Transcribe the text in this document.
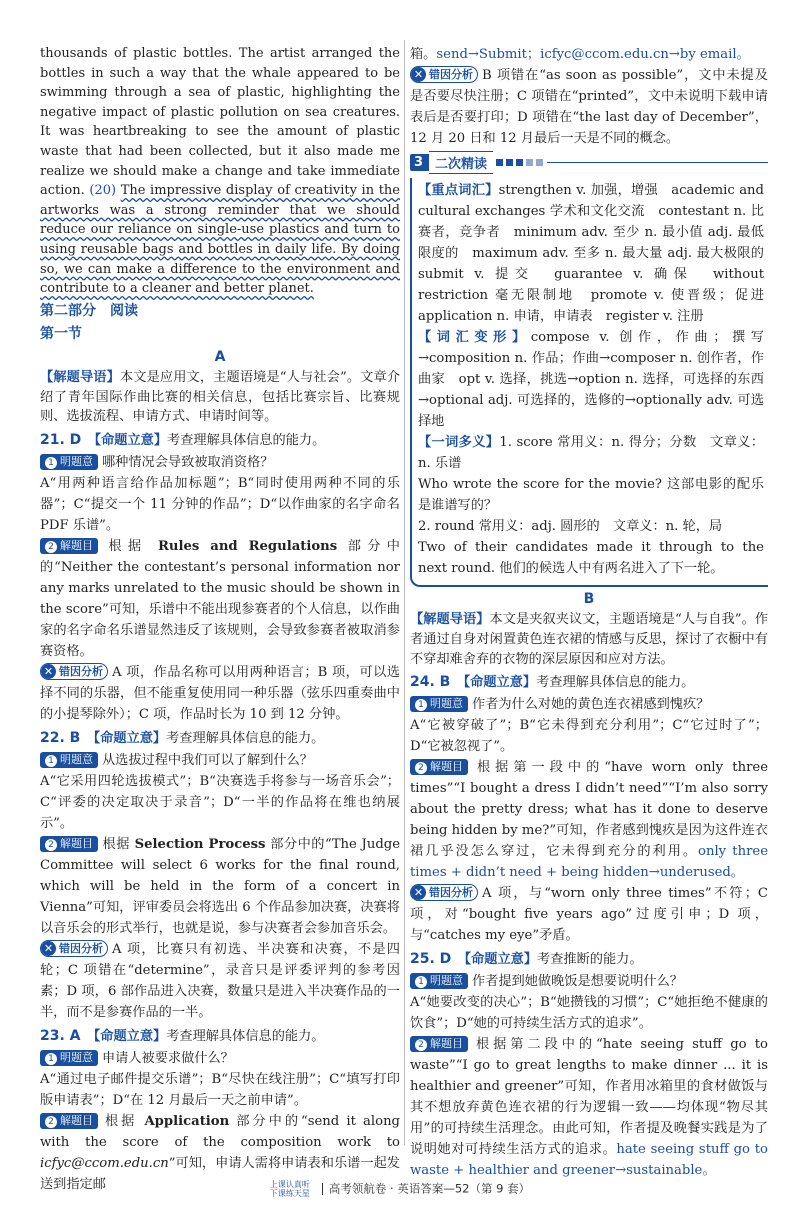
thousands of plastic bottles. The artist arranged the bottles in such a way that the whale appeared to be swimming through a sea of plastic, highlighting the negative impact of plastic pollution on sea creatures. It was heartbreaking to see the amount of plastic waste that had been collected, but it also made me realize we should make a change and take immediate action. (20) The impressive display of creativity in the artworks was a strong reminder that we should reduce our reliance on single-use plastics and turn to using reusable bags and bottles in daily life. By doing so, we can make a difference to the environment and contribute to a cleaner and better planet.

第二部分　阅读
第一节
A

【解题导语】本文是应用文，主题语境是“人与社会”。文章介绍了青年国际作曲比赛的相关信息，包括比赛宗旨、比赛规则、选拔流程、申请方式、申请时间等。

21. D　 【命题立意】考查理解具体信息的能力。

1 明题意 哪种情况会导致被取消资格？

A“用两种语言给作品加标题”；B“同时使用两种不同的乐器”；C“提交一个 11 分钟的作品”；D“以作曲家的名字命名 PDF 乐谱”。

2 解题目 根据 Rules and Regulations 部分中的“Neither the contestant’s personal information nor any marks unrelated to the music should be shown in the score”可知，乐谱中不能出现参赛者的个人信息，以作曲家的名字命名乐谱显然违反了该规则，会导致参赛者被取消参赛资格。

✕ 错因分析 A 项，作品名称可以用两种语言；B 项，可以选择不同的乐器，但不能重复使用同一种乐器（弦乐四重奏曲中的小提琴除外）；C 项，作品时长为 10 到 12 分钟。

22. B　 【命题立意】考查理解具体信息的能力。

1 明题意 从选拔过程中我们可以了解到什么？

A“它采用四轮选拔模式”；B“决赛选手将参与一场音乐会”；C“评委的决定取决于录音”；D“一半的作品将在维也纳展示”。

2 解题目 根据 Selection Process 部分中的“The Judge Committee will select 6 works for the final round, which will be held in the form of a concert in Vienna”可知，评审委员会将选出 6 个作品参加决赛，决赛将以音乐会的形式举行，也就是说，参与决赛者会参加音乐会。

✕ 错因分析 A 项，比赛只有初选、半决赛和决赛，不是四轮；C 项错在“determine”，录音只是评委评判的参考因素；D 项，6 部作品进入决赛，数量只是进入半决赛作品的一半，而不是参赛作品的一半。

23. A　 【命题立意】考查理解具体信息的能力。

1 明题意 申请人被要求做什么？

A“通过电子邮件提交乐谱”；B“尽快在线注册”；C“填写打印版申请表”；D“在 12 月最后一天之前申请”。

2 解题目 根据 Application 部分中的“send it along with the score of the composition work to icfyc@ccom.edu.cn”可知，申请人需将申请表和乐谱一起发送到指定邮

箱。send→Submit；icfyc@ccom.edu.cn→by email。

✕ 错因分析 B 项错在“as soon as possible”，文中未提及是否要尽快注册；C 项错在“printed”，文中未说明下载申请表后是否要打印；D 项错在“the last day of December”，12 月 20 日和 12 月最后一天是不同的概念。

3 二次精读

【重点词汇】strengthen v. 加强，增强　academic and cultural exchanges 学术和文化交流　contestant n. 比赛者，竞争者　minimum adv. 至少 n. 最小值 adj. 最低限度的　maximum adv. 至多 n. 最大量 adj. 最大极限的　submit v. 提交　guarantee v. 确保　without restriction 毫无限制地　promote v. 使晋级；促进　application n. 申请，申请表　register v. 注册

【词汇变形】compose v. 创作，作曲；撰写→composition n. 作品；作曲→composer n. 创作者，作曲家　opt v. 选择，挑选→option n. 选择，可选择的东西→optional adj. 可选择的，选修的→optionally adv. 可选择地

【一词多义】1. score 常用义：n. 得分；分数　文章义：n. 乐谱

Who wrote the score for the movie? 这部电影的配乐是谁谱写的？

2. round 常用义：adj. 圆形的　文章义：n. 轮，局

Two of their candidates made it through to the next round. 他们的候选人中有两名进入了下一轮。

B

【解题导语】本文是夹叙夹议文，主题语境是“人与自我”。作者通过自身对闲置黄色连衣裙的情感与反思，探讨了衣橱中有不穿却难舍弃的衣物的深层原因和应对方法。

24. B　 【命题立意】考查理解具体信息的能力。

1 明题意 作者为什么对她的黄色连衣裙感到愧疚？

A“它被穿破了”；B“它未得到充分利用”；C“它过时了”；D“它被忽视了”。

2 解题目 根据第一段中的“have worn only three times”“I bought a dress I didn’t need”“I’m also sorry about the pretty dress; what has it done to deserve being hidden by me?”可知，作者感到愧疚是因为这件连衣裙几乎没怎么穿过，它未得到充分的利用。only three times + didn’t need + being hidden→underused。

✕ 错因分析 A 项，与“worn only three times”不符；C 项，对“bought five years ago”过度引申；D 项，与“catches my eye”矛盾。

25. D　 【命题立意】考查推断的能力。

1 明题意 作者提到她做晚饭是想要说明什么？

A“她要改变的决心”；B“她攒钱的习惯”；C“她拒绝不健康的饮食”；D“她的可持续生活方式的追求”。

2 解题目 根据第二段中的“hate seeing stuff go to waste”“I go to great lengths to make dinner ... it is healthier and greener”可知，作者用冰箱里的食材做饭与其不想放弃黄色连衣裙的行为逻辑一致——均体现“物尽其用”的可持续生活理念。由此可知，作者提及晚餐实践是为了说明她对可持续生活方式的追求。hate seeing stuff go to waste + healthier and greener→sustainable。

上课认真听
下课练天星 高考领航卷 · 英语答案—52（第 9 套）
